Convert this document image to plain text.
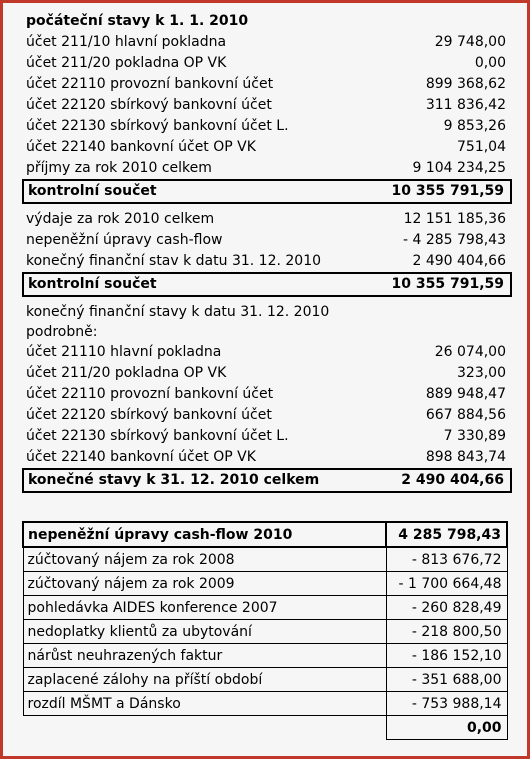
počáteční stavy k 1. 1. 2010
účet 211/10 hlavní pokladna	29 748,00
účet 211/20 pokladna OP VK	0,00
účet 22110 provozní bankovní účet	899 368,62
účet 22120 sbírkový bankovní účet	311 836,42
účet 22130 sbírkový bankovní účet L.	9 853,26
účet 22140 bankovní účet OP VK	751,04
příjmy za rok 2010 celkem	9 104 234,25
kontrolní součet	10 355 791,59
výdaje za rok 2010 celkem	12 151 185,36
nepeněžní úpravy cash-flow	- 4 285 798,43
konečný finanční stav k datu 31. 12. 2010	2 490 404,66
kontrolní součet	10 355 791,59
konečný finanční stavy k datu 31. 12. 2010
podrobně:
účet 21110 hlavní pokladna	26 074,00
účet 211/20 pokladna OP VK	323,00
účet 22110 provozní bankovní účet	889 948,47
účet 22120 sbírkový bankovní účet	667 884,56
účet 22130 sbírkový bankovní účet L.	7 330,89
účet 22140 bankovní účet OP VK	898 843,74
konečné stavy k 31. 12. 2010 celkem	2 490 404,66
nepeněžní úpravy cash-flow 2010	4 285 798,43
zúčtovaný nájem za rok 2008	- 813 676,72
zúčtovaný nájem za rok 2009	- 1 700 664,48
pohledávka AIDES konference 2007	- 260 828,49
nedoplatky klientů za ubytování	- 218 800,50
nárůst neuhrazených faktur	- 186 152,10
zaplacené zálohy na příští období	- 351 688,00
rozdíl MŠMT a Dánsko	- 753 988,14
	0,00
